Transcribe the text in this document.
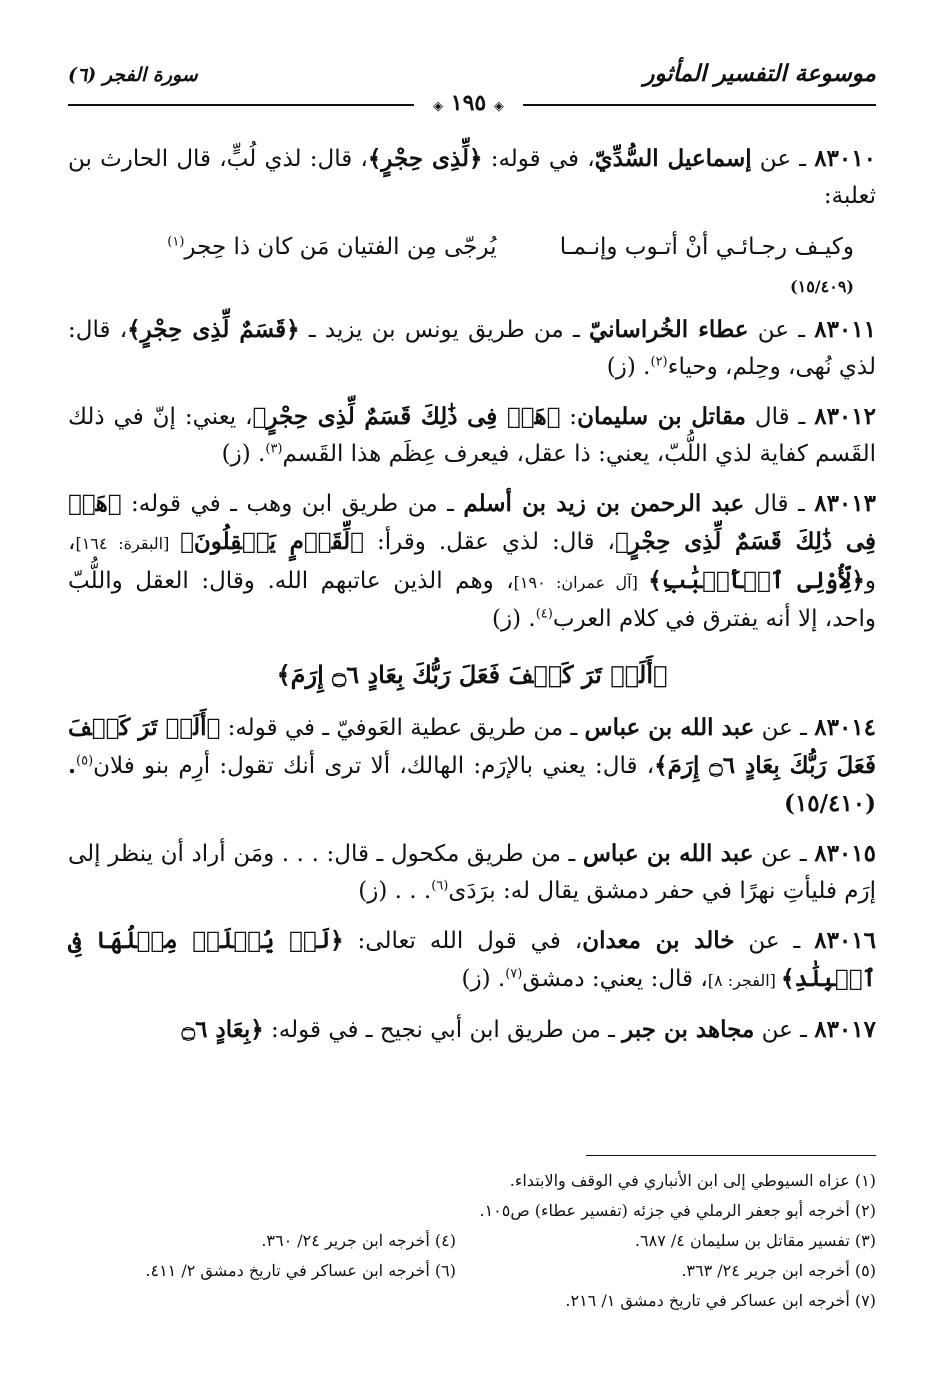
موسوعة التفسير المأثور
سورة الفجر (٦)
◈ ١٩٥ ◈

٨٣٠١٠ ـ عن إسماعيل السُّدِّيّ، في قوله: ﴿لِّذِى حِجْرٍ﴾، قال: لذي لُبٍّ، قال الحارث بن ثعلبة:

وكيـف رجـائـي أنْ أتـوب وإنـمـا يُرجّى مِن الفتيان مَن كان ذا حِجر$^{(١)}$
(١٥/٤٠٩)

٨٣٠١١ ـ عن عطاء الخُراسانيّ ـ من طريق يونس بن يزيد ـ ﴿قَسَمٌ لِّذِى حِجْرٍ﴾، قال: لذي نُهى، وحِلم، وحياء$^{(٢)}$. (ز)

٨٣٠١٢ ـ قال مقاتل بن سليمان: ﴿هَلۡ فِى ذَٰلِكَ قَسَمٌ لِّذِى حِجْرٍ﴾، يعني: إنّ في ذلك القَسم كفاية لذي اللُّبّ، يعني: ذا عقل، فيعرف عِظَم هذا القَسم$^{(٣)}$. (ز)

٨٣٠١٣ ـ قال عبد الرحمن بن زيد بن أسلم ـ من طريق ابن وهب ـ في قوله: ﴿هَلۡ فِى ذَٰلِكَ قَسَمٌ لِّذِى حِجْرٍ﴾، قال: لذي عقل. وقرأ: ﴿لِّقَوۡمٍ يَعۡقِلُونَ﴾ [البقرة: ١٦٤]، و﴿لِّأُوْلِى ٱلۡأَلۡبَٰبِ﴾ [آل عمران: ١٩٠]، وهم الذين عاتبهم الله. وقال: العقل واللُّبّ واحد، إلا أنه يفترق في كلام العرب$^{(٤)}$. (ز)

﴿أَلَمۡ تَرَ كَيۡفَ فَعَلَ رَبُّكَ بِعَادٍ ۝٦ إِرَمَ﴾

٨٣٠١٤ ـ عن عبد الله بن عباس ـ من طريق عطية العَوفيّ ـ في قوله: ﴿أَلَمۡ تَرَ كَيۡفَ فَعَلَ رَبُّكَ بِعَادٍ ۝٦ إِرَمَ﴾، قال: يعني بالإرَم: الهالك، ألا ترى أنك تقول: أرِم بنو فلان$^{(٥)}$. (١٥/٤١٠)

٨٣٠١٥ ـ عن عبد الله بن عباس ـ من طريق مكحول ـ قال: . . . ومَن أراد أن ينظر إلى إرَم فليأتِ نهرًا في حفر دمشق يقال له: برَدَى$^{(٦)}$. . . (ز)

٨٣٠١٦ ـ عن خالد بن معدان، في قول الله تعالى: ﴿لَمۡ يُخۡلَقۡ مِثۡلُهَا فِى ٱلۡبِلَٰدِ﴾ [الفجر: ٨]، قال: يعني: دمشق$^{(٧)}$. (ز)

٨٣٠١٧ ـ عن مجاهد بن جبر ـ من طريق ابن أبي نجيح ـ في قوله: ﴿بِعَادٍ ۝٦

(١) عزاه السيوطي إلى ابن الأنباري في الوقف والابتداء.
(٢) أخرجه أبو جعفر الرملي في جزئه (تفسير عطاء) ص١٠٥.
(٣) تفسير مقاتل بن سليمان ٤/ ٦٨٧.
(٤) أخرجه ابن جرير ٢٤/ ٣٦٠.
(٥) أخرجه ابن جرير ٢٤/ ٣٦٣.
(٦) أخرجه ابن عساكر في تاريخ دمشق ٢/ ٤١١.
(٧) أخرجه ابن عساكر في تاريخ دمشق ١/ ٢١٦.
